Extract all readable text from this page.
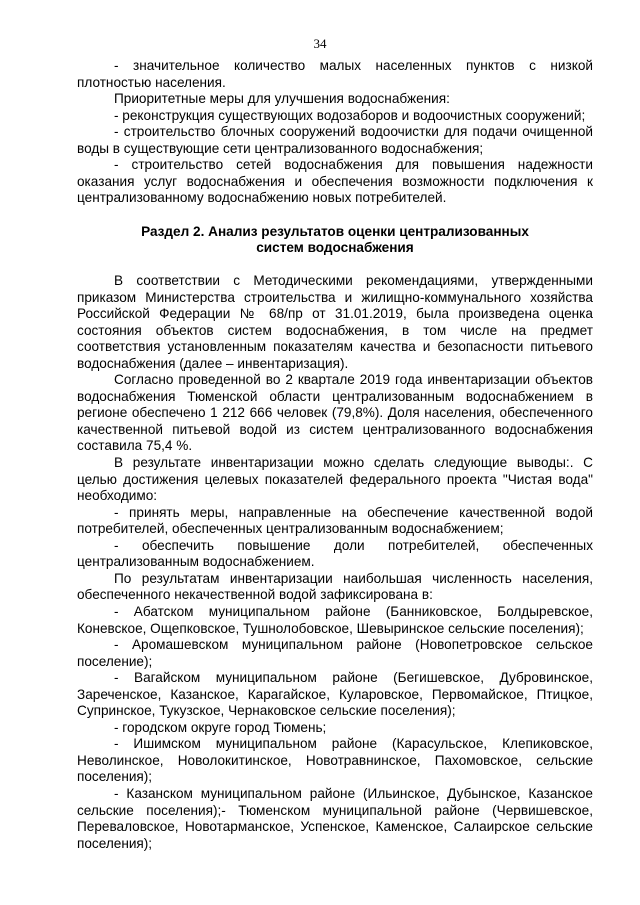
34

- значительное количество малых населенных пунктов с низкой плотностью населения.

Приоритетные меры для улучшения водоснабжения:

- реконструкция существующих водозаборов и водоочистных сооружений;

- строительство блочных сооружений водоочистки для подачи очищенной воды в существующие сети централизованного водоснабжения;

- строительство сетей водоснабжения для повышения надежности оказания услуг водоснабжения и обеспечения возможности подключения к централизованному водоснабжению новых потребителей.

Раздел 2. Анализ результатов оценки централизованных систем водоснабжения

В соответствии с Методическими рекомендациями, утвержденными приказом Министерства строительства и жилищно-коммунального хозяйства Российской Федерации № 68/пр от 31.01.2019, была произведена оценка состояния объектов систем водоснабжения, в том числе на предмет соответствия установленным показателям качества и безопасности питьевого водоснабжения (далее – инвентаризация).

Согласно проведенной во 2 квартале 2019 года инвентаризации объектов водоснабжения Тюменской области централизованным водоснабжением в регионе обеспечено 1 212 666 человек (79,8%). Доля населения, обеспеченного качественной питьевой водой из систем централизованного водоснабжения составила 75,4 %.

В результате инвентаризации можно сделать следующие выводы:. С целью достижения целевых показателей федерального проекта "Чистая вода" необходимо:

- принять меры, направленные на обеспечение качественной водой потребителей, обеспеченных централизованным водоснабжением;

- обеспечить повышение доли потребителей, обеспеченных централизованным водоснабжением.

По результатам инвентаризации наибольшая численность населения, обеспеченного некачественной водой зафиксирована в:

- Абатском муниципальном районе (Банниковское, Болдыревское, Коневское, Ощепковское, Тушнолобовское, Шевыринское сельские поселения);

- Аромашевском муниципальном районе (Новопетровское сельское поселение);

- Вагайском муниципальном районе (Бегишевское, Дубровинское, Зареченское, Казанское, Карагайское, Куларовское, Первомайское, Птицкое, Супринское, Тукузское, Чернаковское сельские поселения);

- городском округе город Тюмень;

- Ишимском муниципальном районе (Карасульское, Клепиковское, Неволинское, Новолокитинское, Новотравнинское, Пахомовское, сельские поселения);

- Казанском муниципальном районе (Ильинское, Дубынское, Казанское сельские поселения);- Тюменском муниципальной районе (Червишевское, Переваловское, Новотарманское, Успенское, Каменское, Салаирское сельские поселения);
